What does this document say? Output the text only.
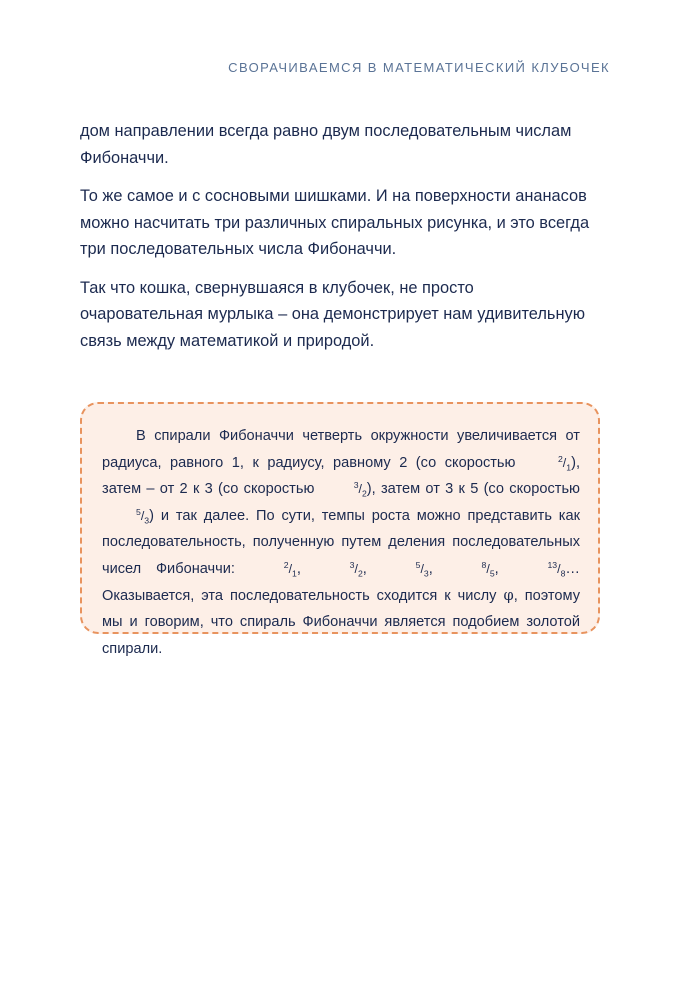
СВОРАЧИВАЕМСЯ В МАТЕМАТИЧЕСКИЙ КЛУБОЧЕК

дом направлении всегда равно двум последовательным числам Фибоначчи.

То же самое и с сосновыми шишками. И на поверхности ананасов можно насчитать три различных спиральных рисунка, и это всегда три последовательных числа Фибоначчи.

Так что кошка, свернувшаяся в клубочек, не просто очаровательная мурлыка – она демонстрирует нам удивительную связь между математикой и природой.

В спирали Фибоначчи четверть окружности увеличивается от радиуса, равного 1, к радиусу, равному 2 (со скоростью	$^2/_1$), затем – от 2 к 3 (со скоростью	$^3/_2$), затем от 3 к 5 (со скоростью $^5/_3$) и так далее. По сути, темпы роста можно представить как последовательность, полученную путем деления последовательных чисел Фибоначчи:	$^2/_1$,	$^3/_2$,	$^5/_3$,	$^8/_5$,	$^{13}/_8\dots$ Оказывается, эта последовательность сходится к числу φ, поэтому мы и говорим, что спираль Фибоначчи является подобием золотой спирали.
